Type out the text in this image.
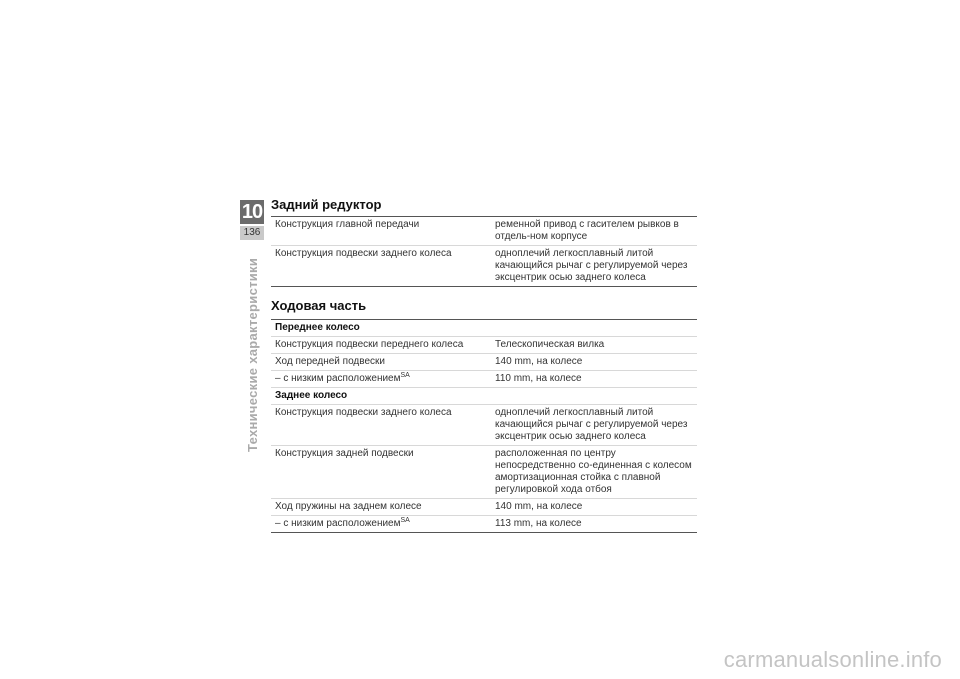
10
136
Технические характеристики
Задний редуктор
Конструкция главной передачи	ременной привод с гасителем рывков в отдель-ном корпусе
Конструкция подвески заднего колеса	одноплечий легкосплавный литой качающийся рычаг с регулируемой через эксцентрик осью заднего колеса
Ходовая часть
Переднее колесо	
Конструкция подвески переднего колеса	Телескопическая вилка
Ход передней подвески	140 mm, на колесе
– с низким расположением$^{SA}$	110 mm, на колесе
Заднее колесо	
Конструкция подвески заднего колеса	одноплечий легкосплавный литой качающийся рычаг с регулируемой через эксцентрик осью заднего колеса
Конструкция задней подвески	расположенная по центру непосредственно со-единенная с колесом амортизационная стойка с плавной регулировкой хода отбоя
Ход пружины на заднем колесе	140 mm, на колесе
– с низким расположением$^{SA}$	113 mm, на колесе
carmanualsonline.info
